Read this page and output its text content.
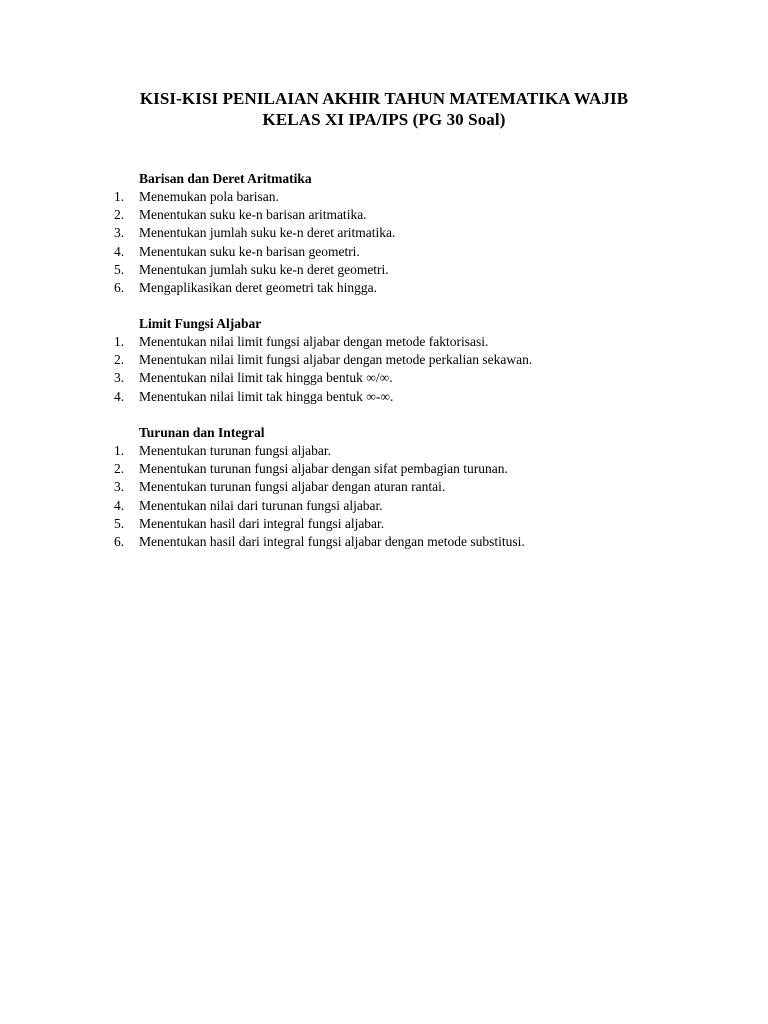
KISI-KISI PENILAIAN AKHIR TAHUN MATEMATIKA WAJIB
KELAS XI IPA/IPS (PG 30 Soal)
Barisan dan Deret Aritmatika
1.	Menemukan pola barisan.
2.	Menentukan suku ke-n barisan aritmatika.
3.	Menentukan jumlah suku ke-n deret aritmatika.
4.	Menentukan suku ke-n barisan geometri.
5.	Menentukan jumlah suku ke-n deret geometri.
6.	Mengaplikasikan deret geometri tak hingga.
Limit Fungsi Aljabar
1.	Menentukan nilai limit fungsi aljabar dengan metode faktorisasi.
2.	Menentukan nilai limit fungsi aljabar dengan metode perkalian sekawan.
3.	Menentukan nilai limit tak hingga bentuk ∞/∞.
4.	Menentukan nilai limit tak hingga bentuk ∞-∞.
Turunan dan Integral
1.	Menentukan turunan fungsi aljabar.
2.	Menentukan turunan fungsi aljabar dengan sifat pembagian turunan.
3.	Menentukan turunan fungsi aljabar dengan aturan rantai.
4.	Menentukan nilai dari turunan fungsi aljabar.
5.	Menentukan hasil dari integral fungsi aljabar.
6.	Menentukan hasil dari integral fungsi aljabar dengan metode substitusi.
